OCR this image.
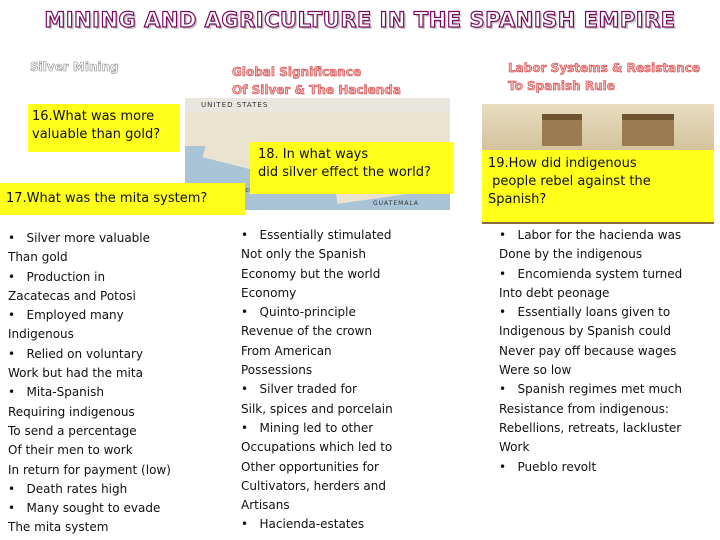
MINING AND AGRICULTURE IN THE SPANISH EMPIRE
Silver Mining	Global Significance
Of Silver & The Hacienda
Labor Systems & Resistance
To Spanish Rule
UNITED STATES
GUATEMALA
16.What was more
valuable than gold?
17.What was the mita system?
18. In what ways
did silver effect the world?
19.How did indigenous
people rebel against the
Spanish?
•   Silver more valuable
Than gold
•   Production in
Zacatecas and Potosi
•   Employed many
Indigenous
•   Relied on voluntary
Work but had the mita
•   Mita-Spanish
Requiring indigenous
To send a percentage
Of their men to work
In return for payment (low)
•   Death rates high
•   Many sought to evade
The mita system
•   Essentially stimulated
Not only the Spanish
Economy but the world
Economy
•   Quinto-principle
Revenue of the crown
From American
Possessions
•   Silver traded for
Silk, spices and porcelain
•   Mining led to other
Occupations which led to
Other opportunities for
Cultivators, herders and
Artisans
•   Hacienda-estates
•   Labor for the hacienda was
Done by the indigenous
•   Encomienda system turned
Into debt peonage
•   Essentially loans given to
Indigenous by Spanish could
Never pay off because wages
Were so low
•   Spanish regimes met much
Resistance from indigenous:
Rebellions, retreats, lackluster
Work
•   Pueblo revolt
